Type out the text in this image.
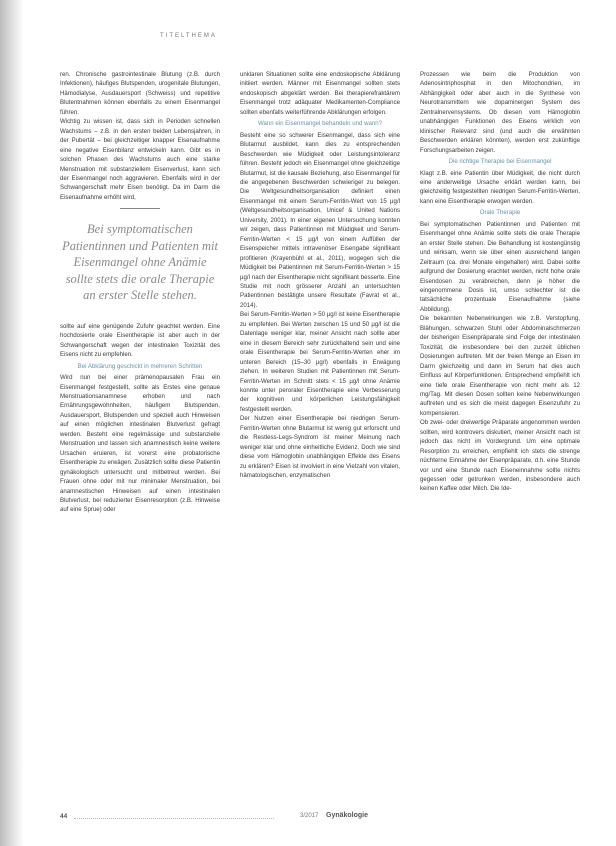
TITELTHEMA

ren. Chronische gastrointestinale Blutung (z.B. durch Infektionen), häufiges Blutspenden, urogenitale Blutungen, Hämodialyse, Ausdauersport (Schweiss) und repetitive Blutentnahmen können ebenfalls zu einem Eisenmangel führen.

Wichtig zu wissen ist, dass sich in Perioden schnellen Wachstums – z.B. in den ersten beiden Lebensjahren, in der Pubertät – bei gleichzeitiger knapper Eisenaufnahme eine negative Eisenbilanz entwickeln kann. Gibt es in solchen Phasen des Wachstums auch eine starke Menstruation mit substanziellem Eisenverlust, kann sich der Eisenmangel noch aggravieren. Ebenfalls wird in der Schwangerschaft mehr Eisen benötigt. Da im Darm die Eisenaufnahme erhöht wird,

Bei symptomatischen Patientinnen und Patienten mit Eisenmangel ohne Anämie sollte stets die orale Therapie an erster Stelle stehen.

sollte auf eine genügende Zufuhr geachtet werden. Eine hochdosierte orale Eisentherapie ist aber auch in der Schwangerschaft wegen der intestinalen Toxizität des Eisens nicht zu empfehlen.

Bei Abklärung geschickt in mehreren Schritten

Wird nun bei einer prämenopausalen Frau ein Eisenmangel festgestellt, sollte als Erstes eine genaue Menstruationsanamnese erhoben und nach Ernährungsgewohnheiten, häufigem Blutspenden, Ausdauersport, Blutspenden und speziell auch Hinweisen auf einen möglichen intestinalen Blutverlust gefragt werden. Besteht eine regelmässige und substanzielle Menstruation und lassen sich anamnestisch keine weitere Ursachen eruieren, ist vorerst eine probatorische Eisentherapie zu erwägen. Zusätzlich sollte diese Patientin gynäkologisch untersucht und mitbetreut werden. Bei Frauen ohne oder mit nur minimaler Menstruation, bei anamnestischen Hinweisen auf einen intestinalen Blutverlust, bei reduzierter Eisenresorption (z.B. Hinweise auf eine Sprue) oder

unklaren Situationen sollte eine endoskopische Abklärung initiiert werden. Männer mit Eisenmangel sollten stets endoskopisch abgeklärt werden. Bei therapierefraktärem Eisenmangel trotz adäquater Medikamenten-Compliance sollten ebenfalls weiterführende Abklärungen erfolgen.

Wann ein Eisenmangel behandeln und wann?

Besteht eine so schwerer Eisenmangel, dass sich eine Blutarmut ausbildet, kann dies zu entsprechenden Beschwerden wie Müdigkeit oder Leistungsintoleranz führen. Besteht jedoch ein Eisenmangel ohne gleichzeitige Blutarmut, ist die kausale Beziehung, also Eisenmangel für die angegebenen Beschwerden schwieriger zu belegen. Die Weltgesundheitsorganisation definiert einen Eisenmangel mit einem Serum-Ferritin-Wert von 15 µg/l (Weltgesundheitsorganisation, Unicef & United Nations University, 2001). In einer eigenen Untersuchung konnten wir zeigen, dass Patientinnen mit Müdigkeit und Serum-Ferritin-Werten < 15 µg/l von einem Auffüllen der Eisenspeicher mittels intravenöser Eisengabe signifikant profitieren (Krayenbühl et al., 2011), wogegen sich die Müdigkeit bei Patientinnen mit Serum-Ferritin-Werten > 15 µg/l nach der Eisentherapie nicht signifikant besserte. Eine Studie mit noch grösserer Anzahl an untersuchten Patientinnen bestätigte unsere Resultate (Favrat et al., 2014).

Bei Serum-Ferritin-Werten > 50 µg/l ist keine Eisentherapie zu empfehlen. Bei Werten zwischen 15 und 50 µg/l ist die Datenlage weniger klar, meiner Ansicht nach sollte aber eine in diesem Bereich sehr zurückhaltend sein und eine orale Eisentherapie bei Serum-Ferritin-Werten eher im unteren Bereich (15–30 µg/l) ebenfalls in Erwägung ziehen. In weiteren Studien mit Patientinnen mit Serum-Ferritin-Werten im Schnitt stets < 15 µg/l ohne Anämie konnte unter peroraler Eisentherapie eine Verbesserung der kognitiven und körperlichen Leistungsfähigkeit festgestellt werden.

Der Nutzen einer Eisentherapie bei niedrigen Serum-Ferritin-Werten ohne Blutarmut ist wenig gut erforscht und die Restless-Legs-Syndrom ist meiner Meinung nach weniger klar und ohne einheitliche Evidenz. Doch wie sind diese vom Hämoglobin unabhängigen Effekte des Eisens zu erklären? Eisen ist involviert in eine Vielzahl von vitalen, hämatologischen, enzymatischen

Prozessen wie beim die Produktion von Adenosintriphosphat in den Mitochondrien, im Abhängigkeit oder aber auch in die Synthese von Neurotransmittern wie dopaminergen System des Zentralnervensystems. Ob diesen vom Hämoglobin unabhängigen Funktionen des Eisens wirklich von klinischer Relevanz sind (und auch die erwähnten Beschwerden erklären könnten), werden erst zukünftige Forschungsarbeiten zeigen.

Die richtige Therapie bei Eisenmangel

Klagt z.B. eine Patientin über Müdigkeit, die nicht durch eine anderweitige Ursache erklärt werden kann, bei gleichzeitig festgestellten niedrigen Serum-Ferritin-Werten, kann eine Eisentherapie erwogen werden.

Orale Therapie

Bei symptomatischen Patientinnen und Patienten mit Eisenmangel ohne Anämie sollte stets die orale Therapie an erster Stelle stehen. Die Behandlung ist kostengünstig und wirksam, wenn sie über einen ausreichend langen Zeitraum (ca. drei Monate eingehalten) wird. Dabei sollte aufgrund der Dosierung erachtet werden, nicht hohe orale Eisendosen zu verabreichen, denn je höher die eingenommene Dosis ist, umso schlechter ist die tatsächliche prozentuale Eisenaufnahme (siehe Abbildung).

Die bekannten Nebenwirkungen wie z.B. Verstopfung, Blähungen, schwarzen Stuhl oder Abdominalschmerzen der bisherigen Eisenpräparate sind Folge der intestinalen Toxizität, die insbesondere bei den zurzeit üblichen Dosierungen auftreten. Mit der freien Menge an Eisen im Darm gleichzeitig und dann im Serum hat dies auch Einfluss auf Körperfunktionen. Entsprechend empfiehlt ich eine tiefe orale Eisentherapie von nicht mehr als 12 mg/Tag. Mit diesen Dosen sollten keine Nebenwirkungen auftreten und es sich die meist dagegen Eisenzufuhr zu kompensieren.

Ob zwei- oder dreiwertige Präparate angenommen werden sollten, wird kontrovers diskutiert, meiner Ansicht nach ist jedoch das nicht im Vordergrund. Um eine optimale Resorption zu erreichen, empfiehlt ich stets die strenge nüchterne Einnahme der Eisenpräparate, d.h. eine Stunde vor und eine Stunde nach Eiseneinnahme sollte nichts gegessen oder getrunken werden, insbesondere auch keinen Kaffee oder Milch. Die Ide-

44	3/2017 Gynäkologie
